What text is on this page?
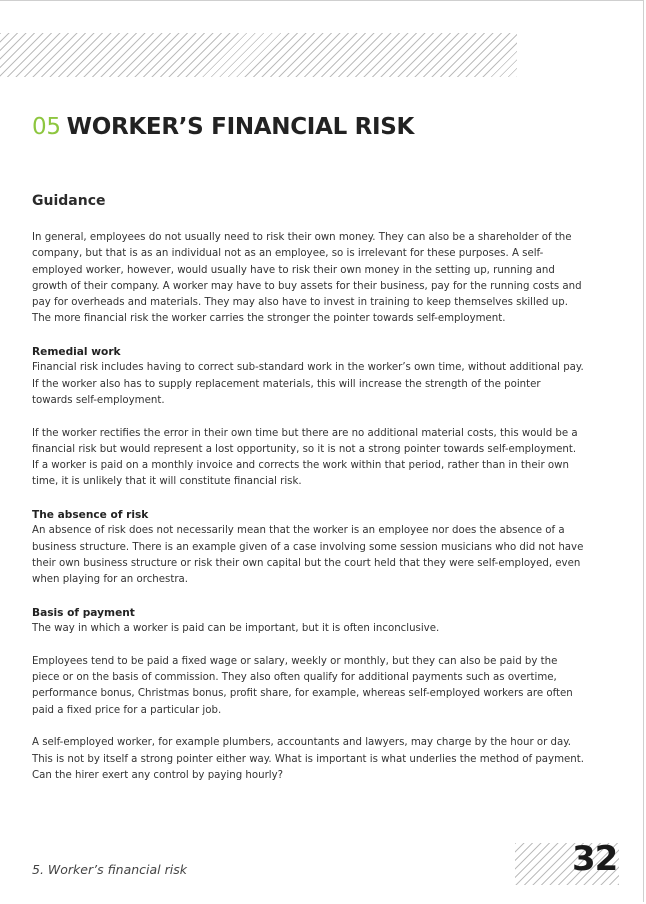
05 WORKER’S FINANCIAL RISK
Guidance

In general, employees do not usually need to risk their own money. They can also be a shareholder of the company, but that is as an individual not as an employee, so is irrelevant for these purposes. A self-employed worker, however, would usually have to risk their own money in the setting up, running and growth of their company. A worker may have to buy assets for their business, pay for the running costs and pay for overheads and materials. They may also have to invest in training to keep themselves skilled up. The more financial risk the worker carries the stronger the pointer towards self-employment.

Remedial work

Financial risk includes having to correct sub-standard work in the worker’s own time, without additional pay. If the worker also has to supply replacement materials, this will increase the strength of the pointer towards self-employment.

If the worker rectifies the error in their own time but there are no additional material costs, this would be a financial risk but would represent a lost opportunity, so it is not a strong pointer towards self-employment. If a worker is paid on a monthly invoice and corrects the work within that period, rather than in their own time, it is unlikely that it will constitute financial risk.

The absence of risk

An absence of risk does not necessarily mean that the worker is an employee nor does the absence of a business structure. There is an example given of a case involving some session musicians who did not have their own business structure or risk their own capital but the court held that they were self-employed, even when playing for an orchestra.

Basis of payment

The way in which a worker is paid can be important, but it is often inconclusive.

Employees tend to be paid a fixed wage or salary, weekly or monthly, but they can also be paid by the piece or on the basis of commission. They also often qualify for additional payments such as overtime, performance bonus, Christmas bonus, profit share, for example, whereas self-employed workers are often paid a fixed price for a particular job.

A self-employed worker, for example plumbers, accountants and lawyers, may charge by the hour or day. This is not by itself a strong pointer either way. What is important is what underlies the method of payment. Can the hirer exert any control by paying hourly?

5. Worker’s financial risk	32
